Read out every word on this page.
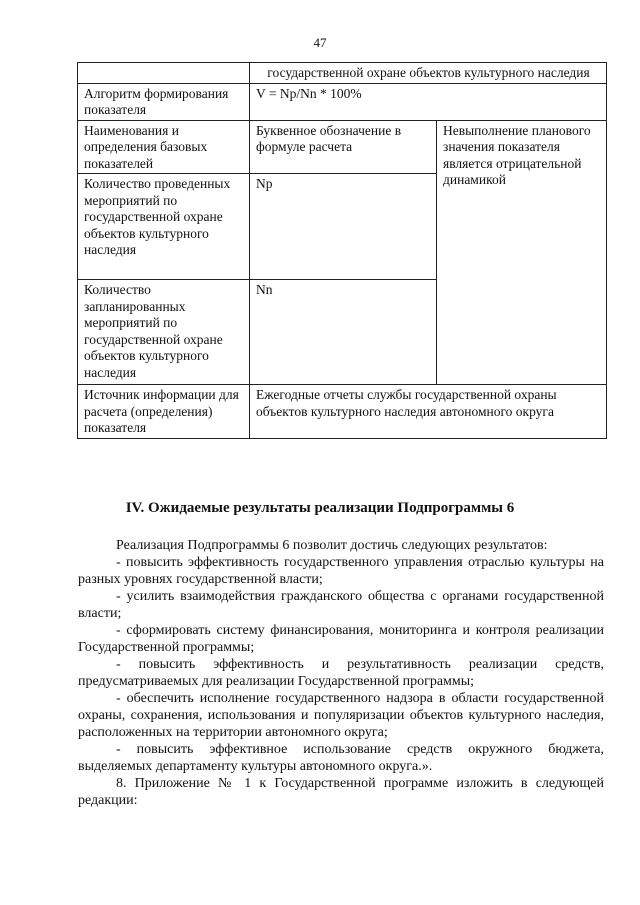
47
	государственной охране объектов культурного наследия	
Алгоритм формирования показателя	V = Np/Nn * 100%	
Наименования и определения базовых показателей	Буквенное обозначение в формуле расчета	Невыполнение планового значения показателя является отрицательной динамикой
Количество проведенных мероприятий по государственной охране объектов культурного наследия	Np	
Количество запланированных мероприятий по государственной охране объектов культурного наследия	Nn	
Источник информации для расчета (определения) показателя	Ежегодные отчеты службы государственной охраны объектов культурного наследия автономного округа	
IV. Ожидаемые результаты реализации Подпрограммы 6

Реализация Подпрограммы 6 позволит достичь следующих результатов:

- повысить эффективность государственного управления отраслью культуры на разных уровнях государственной власти;

- усилить взаимодействия гражданского общества с органами государственной власти;

- сформировать систему финансирования, мониторинга и контроля реализации Государственной программы;

- повысить эффективность и результативность реализации средств, предусматриваемых для реализации Государственной программы;

- обеспечить исполнение государственного надзора в области государственной охраны, сохранения, использования и популяризации объектов культурного наследия, расположенных на территории автономного округа;

- повысить эффективное использование средств окружного бюджета, выделяемых департаменту культуры автономного округа.».

8. Приложение № 1 к Государственной программе изложить в следующей редакции:
